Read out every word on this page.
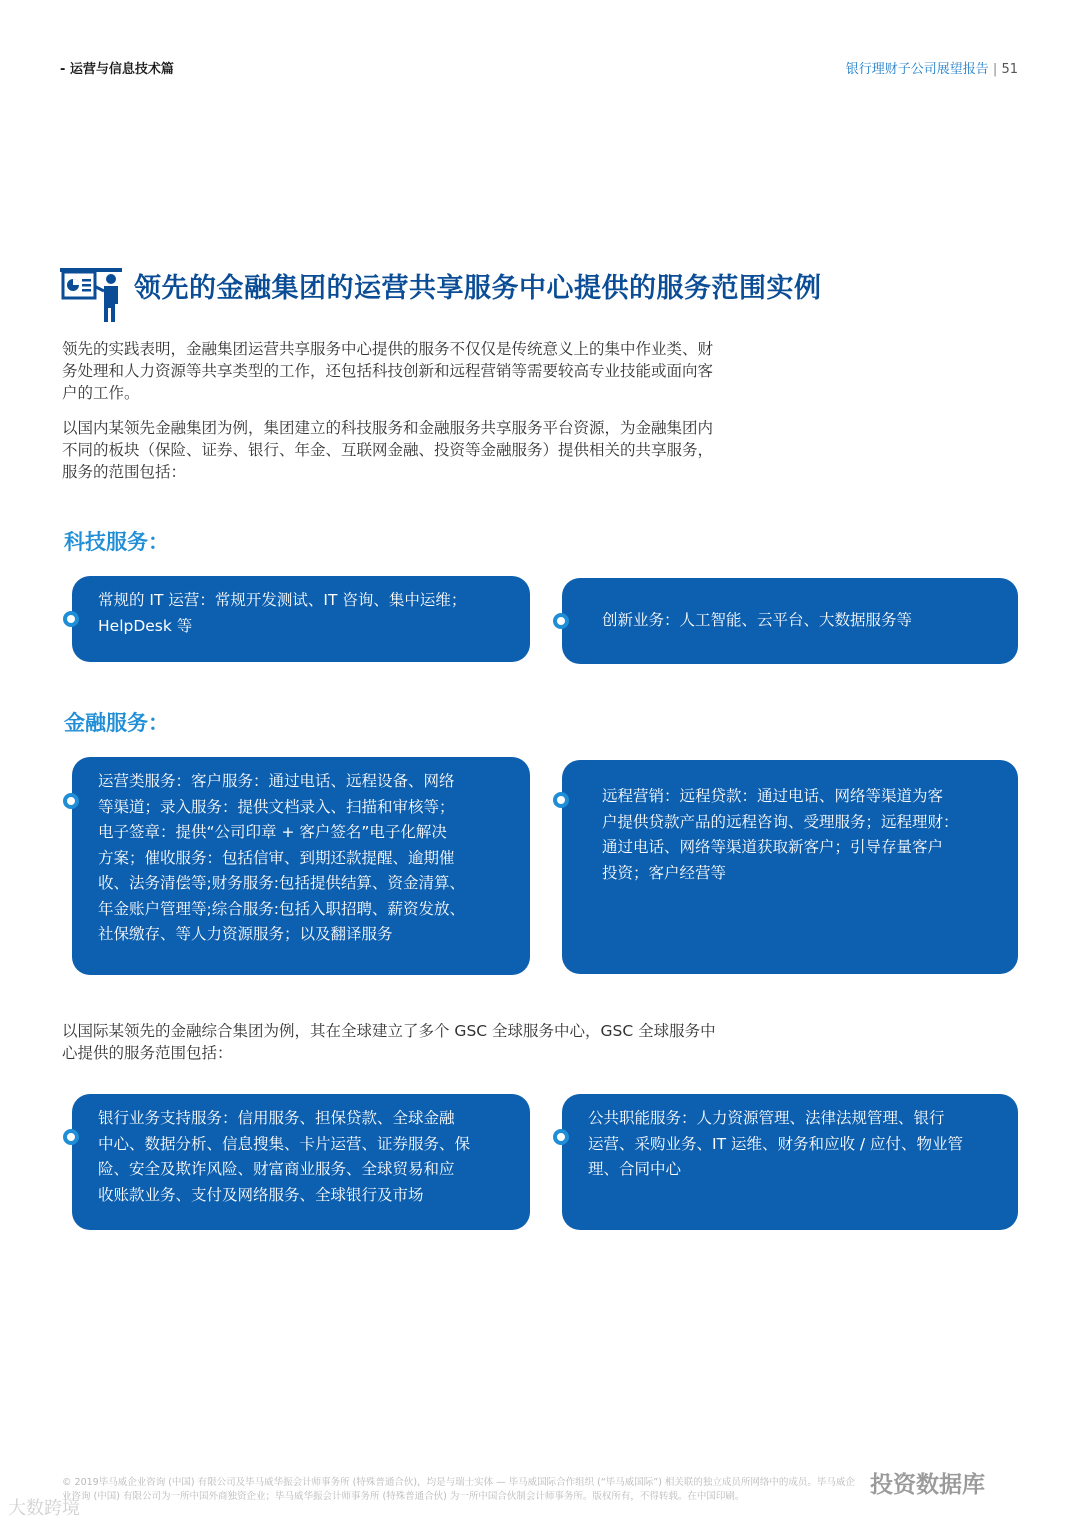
- 运营与信息技术篇	银行理财子公司展望报告 | 51
领先的金融集团的运营共享服务中心提供的服务范围实例
领先的实践表明，金融集团运营共享服务中心提供的服务不仅仅是传统意义上的集中作业类、财务处理和人力资源等共享类型的工作，还包括科技创新和远程营销等需要较高专业技能或面向客户的工作。
以国内某领先金融集团为例，集团建立的科技服务和金融服务共享服务平台资源，为金融集团内不同的板块（保险、证券、银行、年金、互联网金融、投资等金融服务）提供相关的共享服务，服务的范围包括：
科技服务：
常规的 IT 运营：常规开发测试、IT 咨询、集中运维；
HelpDesk 等	创新业务：人工智能、云平台、大数据服务等
金融服务：
运营类服务：客户服务：通过电话、远程设备、网络
等渠道；录入服务：提供文档录入、扫描和审核等；
电子签章：提供“公司印章 + 客户签名”电子化解决
方案；催收服务：包括信审、到期还款提醒、逾期催
收、法务清偿等;财务服务:包括提供结算、资金清算、
年金账户管理等;综合服务:包括入职招聘、薪资发放、
社保缴存、等人力资源服务；以及翻译服务
远程营销：远程贷款：通过电话、网络等渠道为客
户提供贷款产品的远程咨询、受理服务；远程理财：
通过电话、网络等渠道获取新客户；引导存量客户
投资；客户经营等
以国际某领先的金融综合集团为例，其在全球建立了多个 GSC 全球服务中心，GSC 全球服务中心提供的服务范围包括：
银行业务支持服务：信用服务、担保贷款、全球金融
中心、数据分析、信息搜集、卡片运营、证券服务、保
险、安全及欺诈风险、财富商业服务、全球贸易和应
收账款业务、支付及网络服务、全球银行及市场
公共职能服务：人力资源管理、法律法规管理、银行
运营、采购业务、IT 运维、财务和应收 / 应付、物业管
理、合同中心
© 2019毕马威企业咨询 (中国) 有限公司及毕马威华振会计师事务所 (特殊普通合伙)，均是与瑞士实体 — 毕马威国际合作组织 (“毕马威国际”) 相关联的独立成员所网络中的成员。毕马威企
业咨询 (中国) 有限公司为一所中国外商独资企业；毕马威华振会计师事务所 (特殊普通合伙) 为一所中国合伙制会计师事务所。版权所有，不得转载。在中国印刷。
大数跨境
投资数据库
